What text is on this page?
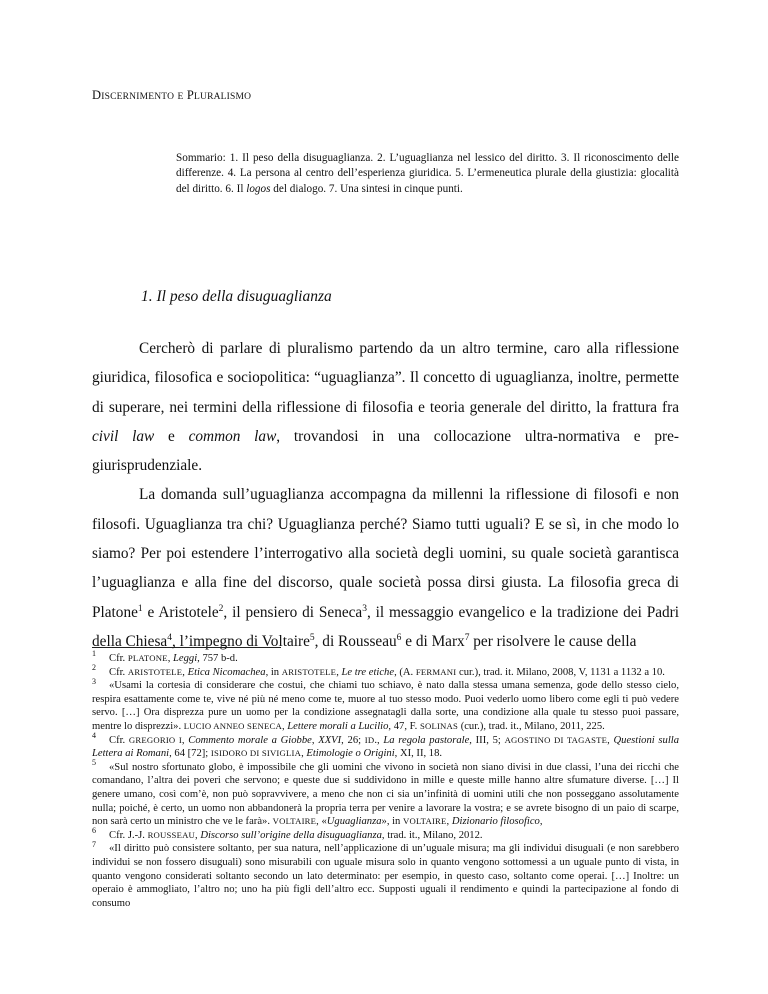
DISCERNIMENTO E PLURALISMO
Sommario: 1. Il peso della disuguaglianza. 2. L’uguaglianza nel lessico del diritto. 3. Il riconoscimento delle differenze. 4. La persona al centro dell’esperienza giuridica. 5. L’ermeneutica plurale della giustizia: glocalità del diritto. 6. Il logos del dialogo. 7. Una sintesi in cinque punti.
1. Il peso della disuguaglianza

Cercherò di parlare di pluralismo partendo da un altro termine, caro alla riflessione giuridica, filosofica e sociopolitica: “uguaglianza”. Il concetto di uguaglianza, inoltre, permette di superare, nei termini della riflessione di filosofia e teoria generale del diritto, la frattura fra civil law e common law, trovandosi in una collocazione ultra-normativa e pre-giurisprudenziale.

La domanda sull’uguaglianza accompagna da millenni la riflessione di filosofi e non filosofi. Uguaglianza tra chi? Uguaglianza perché? Siamo tutti uguali? E se sì, in che modo lo siamo? Per poi estendere l’interrogativo alla società degli uomini, su quale società garantisca l’uguaglianza e alla fine del discorso, quale società possa dirsi giusta. La filosofia greca di Platone$^1$ e Aristotele$^2$, il pensiero di Seneca$^3$, il messaggio evangelico e la tradizione dei Padri della Chiesa$^4$, l’impegno di Voltaire$^5$, di Rousseau$^6$ e di Marx$^7$ per risolvere le cause della

1 Cfr. PLATONE, Leggi, 757 b-d.

2 Cfr. ARISTOTELE, Etica Nicomachea, in ARISTOTELE, Le tre etiche, (A. FERMANI cur.), trad. it. Milano, 2008, V, 1131 a 1132 a 10.

3 «Usami la cortesia di considerare che costui, che chiami tuo schiavo, è nato dalla stessa umana semenza, gode dello stesso cielo, respira esattamente come te, vive né più né meno come te, muore al tuo stesso modo. Puoi vederlo uomo libero come egli ti può vedere servo. […] Ora disprezza pure un uomo per la condizione assegnatagli dalla sorte, una condizione alla quale tu stesso puoi passare, mentre lo disprezzi». LUCIO ANNEO SENECA, Lettere morali a Lucilio, 47, F. SOLINAS (cur.), trad. it., Milano, 2011, 225.

4 Cfr. GREGORIO I, Commento morale a Giobbe, XXVI, 26; ID., La regola pastorale, III, 5; AGOSTINO DI TAGASTE, Questioni sulla Lettera ai Romani, 64 [72]; ISIDORO DI SIVIGLIA, Etimologie o Origini, XI, II, 18.

5 «Sul nostro sfortunato globo, è impossibile che gli uomini che vivono in società non siano divisi in due classi, l’una dei ricchi che comandano, l’altra dei poveri che servono; e queste due si suddividono in mille e queste mille hanno altre sfumature diverse. […] Il genere umano, così com’è, non può sopravvivere, a meno che non ci sia un’infinità di uomini utili che non posseggano assolutamente nulla; poiché, è certo, un uomo non abbandonerà la propria terra per venire a lavorare la vostra; e se avrete bisogno di un paio di scarpe, non sarà certo un ministro che ve le farà». VOLTAIRE, «Uguaglianza», in VOLTAIRE, Dizionario filosofico,

6 Cfr. J.-J. ROUSSEAU, Discorso sull’origine della disuguaglianza, trad. it., Milano, 2012.

7 «Il diritto può consistere soltanto, per sua natura, nell’applicazione di un’uguale misura; ma gli individui disuguali (e non sarebbero individui se non fossero disuguali) sono misurabili con uguale misura solo in quanto vengono sottomessi a un uguale punto di vista, in quanto vengono considerati soltanto secondo un lato determinato: per esempio, in questo caso, soltanto come operai. […] Inoltre: un operaio è ammogliato, l’altro no; uno ha più figli dell’altro ecc. Supposti uguali il rendimento e quindi la partecipazione al fondo di consumo
